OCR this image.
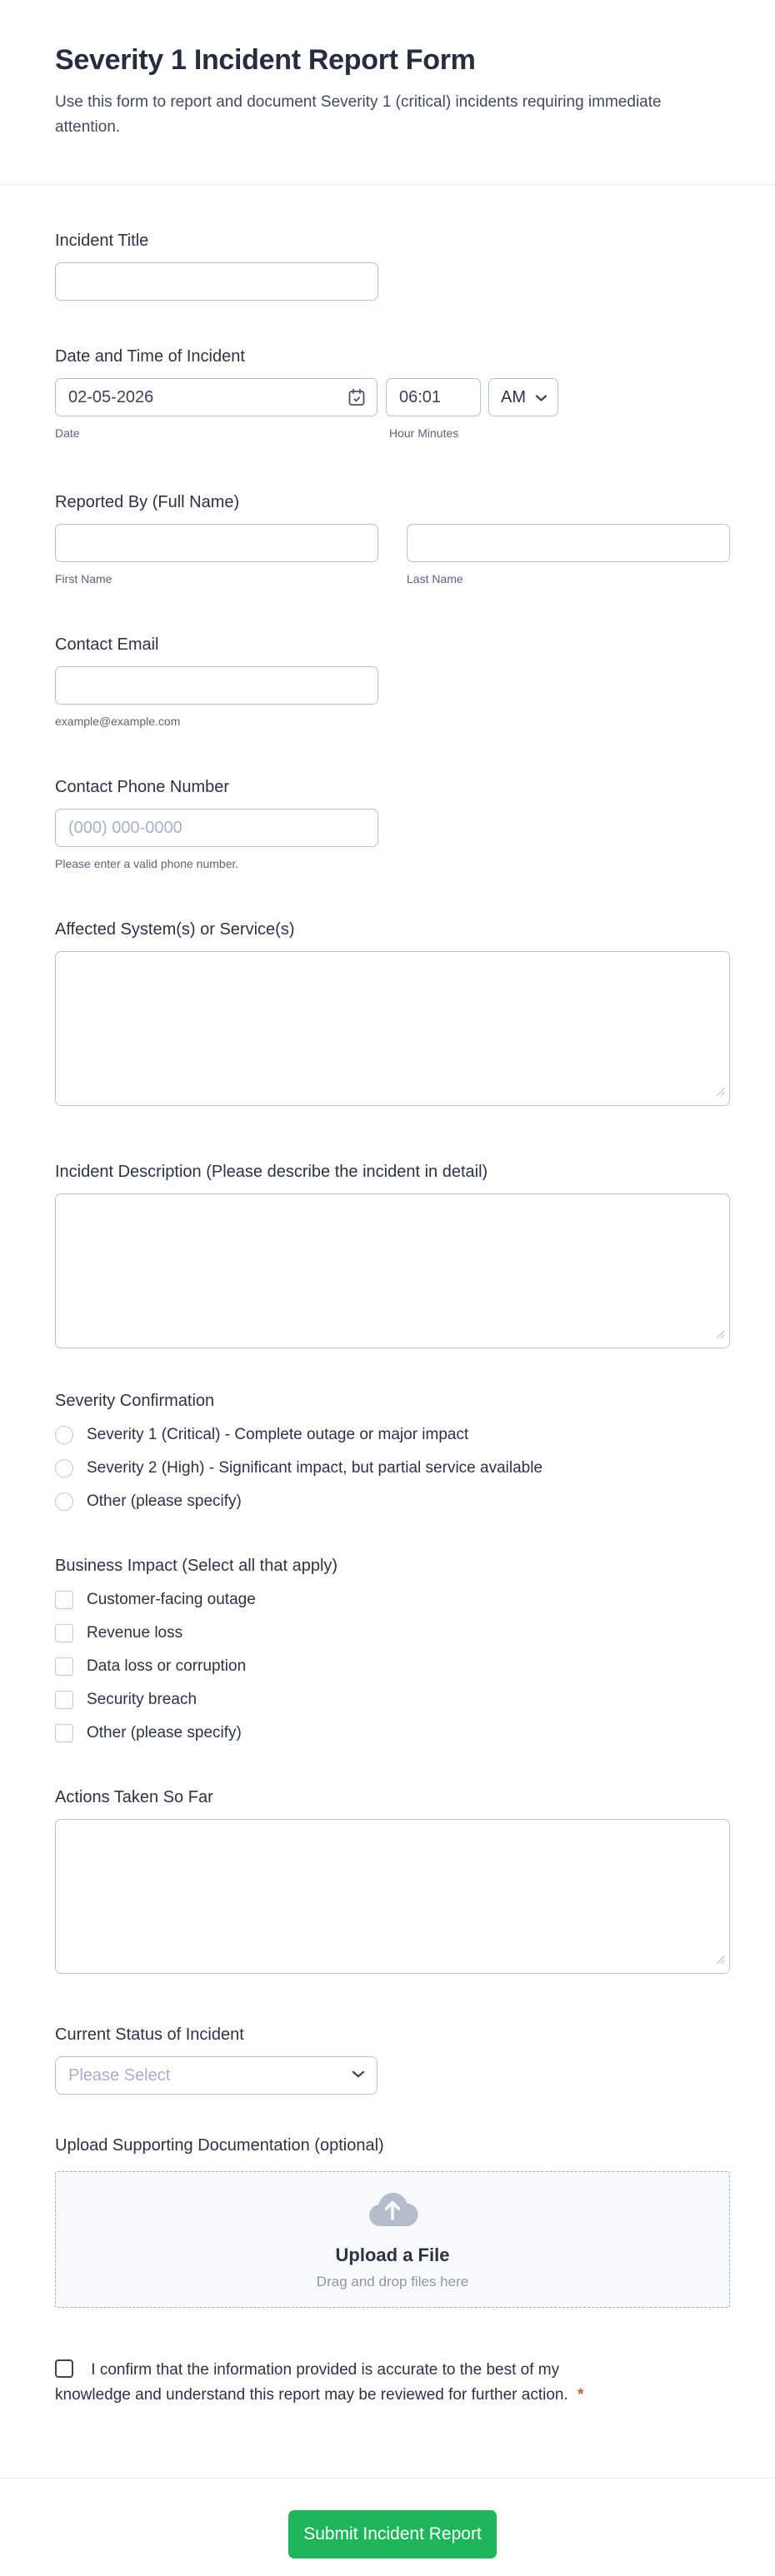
Severity 1 Incident Report Form

Use this form to report and document Severity 1 (critical) incidents requiring immediate attention.

Incident Title
Date and Time of Incident
02-05-2026
06:01
AM
Date	Hour Minutes
Reported By (Full Name)
First Name	Last Name
Contact Email
example@example.com
Contact Phone Number
(000) 000-0000
Please enter a valid phone number.
Affected System(s) or Service(s)
Incident Description (Please describe the incident in detail)
Severity Confirmation
Severity 1 (Critical) - Complete outage or major impact
Severity 2 (High) - Significant impact, but partial service available
Other (please specify)
Business Impact (Select all that apply)
Customer-facing outage
Revenue loss
Data loss or corruption
Security breach
Other (please specify)
Actions Taken So Far
Current Status of Incident
Please Select
Upload Supporting Documentation (optional)
Upload a File
Drag and drop files here
I confirm that the information provided is accurate to the best of my
knowledge and understand this report may be reviewed for further action. *
Submit Incident Report
